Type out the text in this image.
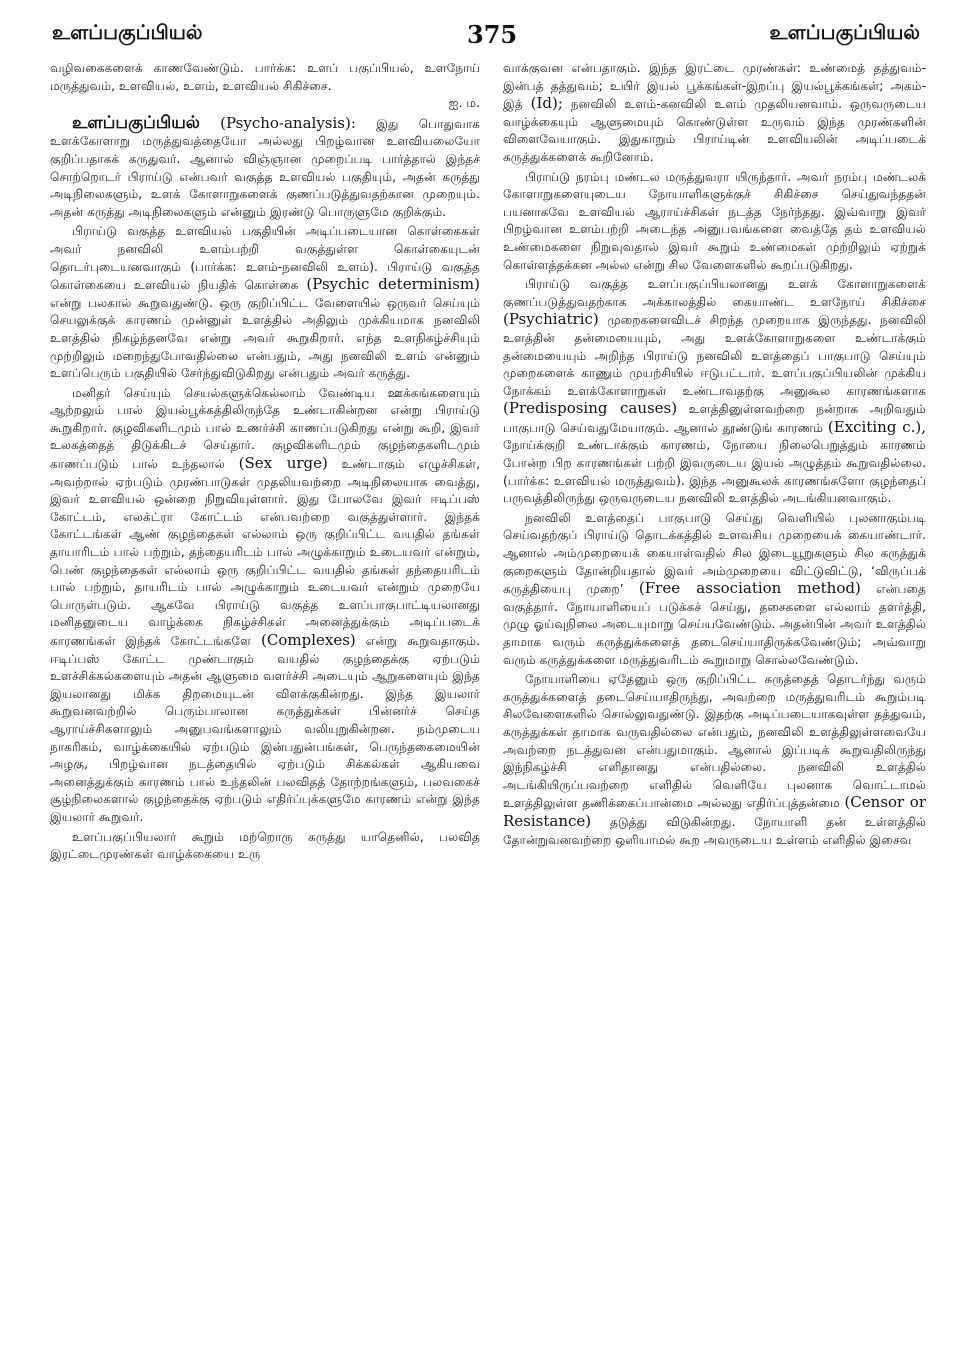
உளப்பகுப்பியல்	375	உளப்பகுப்பியல்

வழிவகைகளைக் காணவேண்டும். பார்க்க: உளப் பகுப்பியல், உளநோய் மருத்துவம், உளவியல், உளம், உளவியல் சிகிச்சை.
ஐ. ம.

உளப்பகுப்பியல் (Psycho-analysis): இது பொதுவாக உளக்கோளாறு மருத்துவத்தையோ அல்லது பிறழ்வான உளவியலையோ குறிப்பதாகக் கருதுவர். ஆனால் விஞ்ஞான முறைப்படி பார்த்தால் இந்தச் சொற்றொடர் பிராய்டு என்பவர் வகுத்த உளவியல் பகுதியும், அதன் கருத்து அடிநிலைகளும், உளக் கோளாறுகளைக் குணப்படுத்துவதற்கான முறையும். அதன் கருத்து அடிநிலைகளும் என்னும் இரண்டு பொருளுமே குறிக்கும்.

பிராய்டு வகுத்த உளவியல் பகுதியின் அடிப்படையான கொள்கைகள் அவர் நனவிலி உளம்பற்றி வகுத்துள்ள கொள்கையுடன் தொடர்புடையனவாகும் (பார்க்க: உளம்-நனவிலி உளம்). பிராய்டு வகுத்த கொள்கையை உளவியல் நியதிக் கொள்கை (Psychic determinism) என்று பலகால் கூறுவதுண்டு. ஒரு குறிப்பிட்ட வேளையில் ஒருவர் செய்யும் செயலுக்குக் காரணம் முன்னுள் உளத்தில் அதிலும் முக்கியமாக நனவிலி உளத்தில் நிகழ்ந்தனவே என்று அவர் கூறுகிறார். எந்த உளநிகழ்ச்சியும் முற்றிலும் மறைந்துபோவதில்லை என்பதும், அது நனவிலி உளம் என்னும் உளப்பெரும் பகுதியில் சேர்ந்துவிடுகிறது என்பதும் அவர் கருத்து.

மனிதர் செய்யும் செயல்களுக்கெல்லாம் வேண்டிய ஊக்கங்களையும் ஆற்றலும் பால் இயல்பூக்கத்திலிருந்தே உண்டாகின்றன என்று பிராய்டு கூறுகிறார். குழவிகளிடமும் பால் உணர்ச்சி காணப்படுகிறது என்று கூறி, இவர் உலகத்தைத் திடுக்கிடச் செய்தார். குழவிகளிடமும் குழந்தைகளிடமும் காணப்படும் பால் உந்தலால் (Sex urge) உண்டாகும் எழுச்சிகள், அவற்றால் ஏற்படும் முரண்பாடுகள் முதலியவற்றை அடிநிலையாக வைத்து, இவர் உளவியல் ஒன்றை நிறுவியுள்ளார். இது போலவே இவர் ஈடிப்பஸ் கோட்டம், எலக்ட்ரா கோட்டம் என்பவற்றை வகுத்துள்ளார். இந்தக் கோட்டங்கள் ஆண் குழந்தைகள் எல்லாம் ஒரு குறிப்பிட்ட வயதில் தங்கள் தாயாரிடம் பால் பற்றும், தந்தையரிடம் பால் அழுக்காறும் உடையவர் என்றும், பெண் குழந்தைகள் எல்லாம் ஒரு குறிப்பிட்ட வயதில் தங்கள் தந்தையரிடம் பால் பற்றும், தாயரிடம் பால் அழுக்காறும் உடையவர் என்றும் முறையே பொருள்படும். ஆகவே பிராய்டு வகுத்த உளப்பாகுபாட்டியலானது மனிதனுடைய வாழ்க்கை நிகழ்ச்சிகள் அனைத்துக்கும் அடிப்படைக் காரணங்கள் இந்தக் கோட்டங்களே (Complexes) என்று கூறுவதாகும். ஈடிப்பஸ் கோட்ட முண்டாகும் வயதில் குழந்தைக்கு ஏற்படும் உளச்சிக்கல்களையும் அதன் ஆளுமை வளர்ச்சி அடையும் ஆறுகளையும் இந்த இயலானது மிக்க திறமையுடன் விளக்குகின்றது. இந்த இயலார் கூறுவனவற்றில் பெரும்பாலான கருத்துக்கள் பின்னர்ச் செய்த ஆராய்ச்சிகளாலும் அனுபவங்களாலும் வலியுறுகின்றன. நம்முடைய நாகரிகம், வாழ்க்கையில் ஏற்படும் இன்பதுன்பங்கள், பெருந்தகைமையின் அழகு, பிறழ்வான நடத்தையில் ஏற்படும் சிக்கல்கள் ஆகியவை அனைத்துக்கும் காரணம் பால் உந்தலின் பலவிதத் தோற்றங்களும், பலவகைச் சூழ்நிலைகளால் குழந்தைக்கு ஏற்படும் எதிர்ப்புக்களுமே காரணம் என்று இந்த இயலார் கூறுவர்.

உளப்பகுப்பியலார் கூறும் மற்றொரு கருத்து யாதெனில், பலவித இரட்டைமுரண்கள் வாழ்க்கையை உரு

வாக்குவன என்பதாகும். இந்த இரட்டை முரண்கள்: உண்மைத் தத்துவம்-இன்பத் தத்துவம்; உயிர் இயல் பூக்கங்கள்-இறப்பு இயல்பூக்கங்கள்; அகம்-இத் (Id); நனவிலி உளம்-கனவிலி உளம் முதலியனவாம். ஒருவருடைய வாழ்க்கையும் ஆளுமையும் கொண்டுள்ள உருவம் இந்த முரண்களின் விளைவேயாகும். இதுகாறும் பிராய்டின் உளவியலின் அடிப்படைக் கருத்துக்களைக் கூறினோம்.

பிராய்டு நரம்பு மண்டல மருத்துவரா யிருந்தார். அவர் நரம்பு மண்டலக் கோளாறுகளையுடைய நோயாளிகளுக்குச் சிகிச்சை செய்துவந்ததன் பயனாகவே உளவியல் ஆராய்ச்சிகள் நடத்த நேர்ந்தது. இவ்வாறு இவர் பிறழ்வான உளம்பற்றி அடைந்த அனுபவங்களை வைத்தே தம் உளவியல் உண்மைகளை நிறுவுவதால் இவர் கூறும் உண்மைகள் முற்றிலும் ஏற்றுக் கொள்ளத்தக்கன அல்ல என்று சில வேளைகளில் கூறப்படுகிறது.

பிராய்டு வகுத்த உளப்பகுப்பியலானது உளக் கோளாறுகளைக் குணப்படுத்துவதற்காக அக்காலத்தில் கையாண்ட உளநோய் சிகிச்சை (Psychiatric) முறைகளைவிடச் சிறந்த முறையாக இருந்தது. நனவிலி உளத்தின் தன்மையையும், அது உளக்கோளாறுகளை உண்டாக்கும் தன்மையையும் அறிந்த பிராய்டு நனவிலி உளத்தைப் பாகுபாடு செய்யும் முறைகளைக் காணும் முயற்சியில் ஈடுபட்டார். உளப்பகுப்பியலின் முக்கிய நோக்கம் உளக்கோளாறுகள் உண்டாவதற்கு அனுகூல காரணங்களாக (Predisposing causes) உளத்தினுள்ளவற்றை நன்றாக அறிவதும் பாகுபாடு செய்வதுமேயாகும். ஆனால் தூண்டுங் காரணம் (Exciting c.), நோய்க்குறி உண்டாக்கும் காரணம், நோயை நிலைபெறுத்தும் காரணம் போன்ற பிற காரணங்கள் பற்றி இவருடைய இயல் அழுத்தம் கூறுவதில்லை. (பார்க்க: உளவியல் மருத்துவம்). இந்த அனுகூலக் காரணங்களோ குழந்தைப் பருவத்திலிருந்து ஒருவருடைய நனவிலி உளத்தில் அடங்கியனவாகும்.

நனவிலி உளத்தைப் பாகுபாடு செய்து வெளியில் புலனாகும்படி செய்வதற்குப் பிராய்டு தொடக்கத்தில் உளவசிய முறையைக் கையாண்டார். ஆனால் அம்முறையைக் கையாள்வதில் சில இடையூறுகளும் சில கருத்துக் குறைகளும் தோன்றியதால் இவர் அம்முறையை விட்டுவிட்டு, ‘விருப்பக் கருத்தியைபு முறை’ (Free association method) என்பதை வகுத்தார். நோயாளியைப் படுக்கச் செய்து, தசைகளை எல்லாம் தளர்த்தி, முழு ஓய்வுநிலை அடையுமாறு செய்யவேண்டும். அதன்பின் அவர் உளத்தில் தாமாக வரும் கருத்துக்களைத் தடைசெய்யாதிருக்கவேண்டும்; அவ்வாறு வரும் கருத்துக்களை மருத்துவரிடம் கூறுமாறு சொல்லவேண்டும்.

நோயாளியை ஏதேனும் ஒரு குறிப்பிட்ட கருத்தைத் தொடர்ந்து வரும் கருத்துக்களைத் தடைசெய்யாதிருந்து, அவற்றை மருத்துவரிடம் கூறும்படி சிலவேளைகளில் சொல்லுவதுண்டு. இதற்கு அடிப்படையாகவுள்ள தத்துவம், கருத்துக்கள் தாமாக வருவதில்லை என்பதும், நனவிலி உளத்திலுள்ளவையே அவற்றை நடத்துவன என்பதுமாகும். ஆனால் இப்படிக் கூறுவதிலிருந்து இந்நிகழ்ச்சி எளிதானது என்பதில்லை. நனவிலி உளத்தில் அடங்கியிருப்பவற்றை எளிதில் வெளியே புலனாக வொட்டாமல் உளத்திலுள்ள தணிக்கைப்பான்மை அல்லது எதிர்ப்புத்தன்மை (Censor or Resistance) தடுத்து விடுகின்றது. நோயாளி தன் உள்ளத்தில் தோன்றுவனவற்றை ஒளியாமல் கூற அவருடைய உள்ளம் எளிதில் இசைவ
